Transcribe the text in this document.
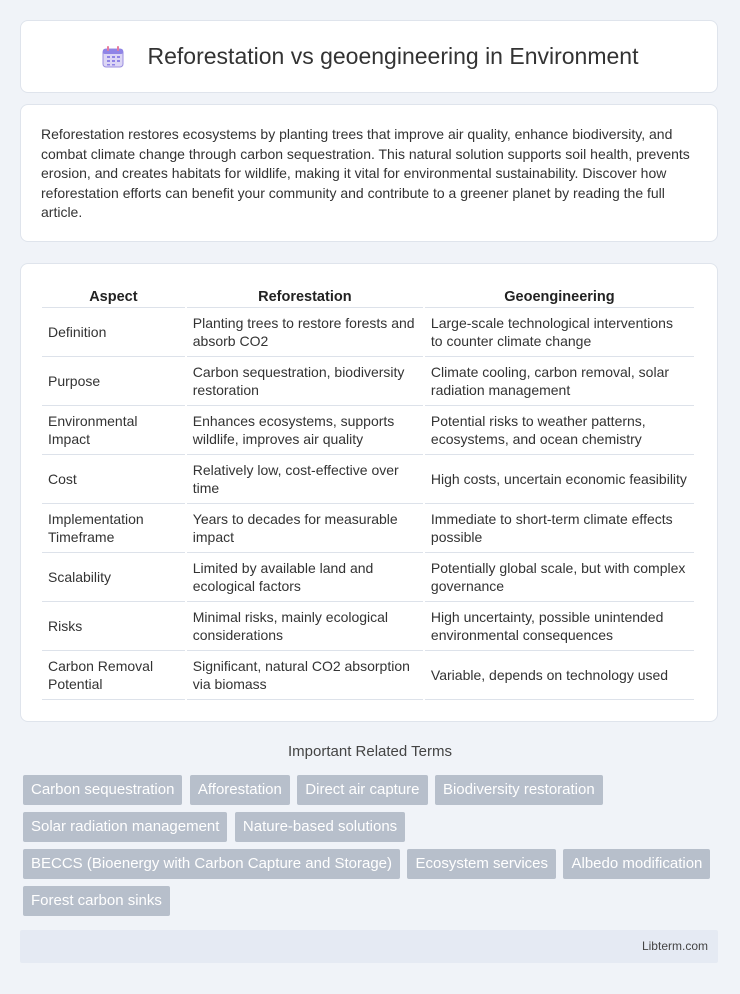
Reforestation vs geoengineering in Environment

Reforestation restores ecosystems by planting trees that improve air quality, enhance biodiversity, and combat climate change through carbon sequestration. This natural solution supports soil health, prevents erosion, and creates habitats for wildlife, making it vital for environmental sustainability. Discover how reforestation efforts can benefit your community and contribute to a greener planet by reading the full article.

Aspect	Reforestation	Geoengineering
Definition	Planting trees to restore forests and absorb CO2	Large-scale technological interventions to counter climate change
Purpose	Carbon sequestration, biodiversity restoration	Climate cooling, carbon removal, solar radiation management
Environmental Impact	Enhances ecosystems, supports wildlife, improves air quality	Potential risks to weather patterns, ecosystems, and ocean chemistry
Cost	Relatively low, cost-effective over time	High costs, uncertain economic feasibility
Implementation Timeframe	Years to decades for measurable impact	Immediate to short-term climate effects possible
Scalability	Limited by available land and ecological factors	Potentially global scale, but with complex governance
Risks	Minimal risks, mainly ecological considerations	High uncertainty, possible unintended environmental consequences
Carbon Removal Potential	Significant, natural CO2 absorption via biomass	Variable, depends on technology used
Important Related Terms
Carbon sequestration Afforestation Direct air capture Biodiversity restoration Solar radiation management Nature-based solutions BECCS (Bioenergy with Carbon Capture and Storage) Ecosystem services Albedo modification Forest carbon sinks
Libterm.com
